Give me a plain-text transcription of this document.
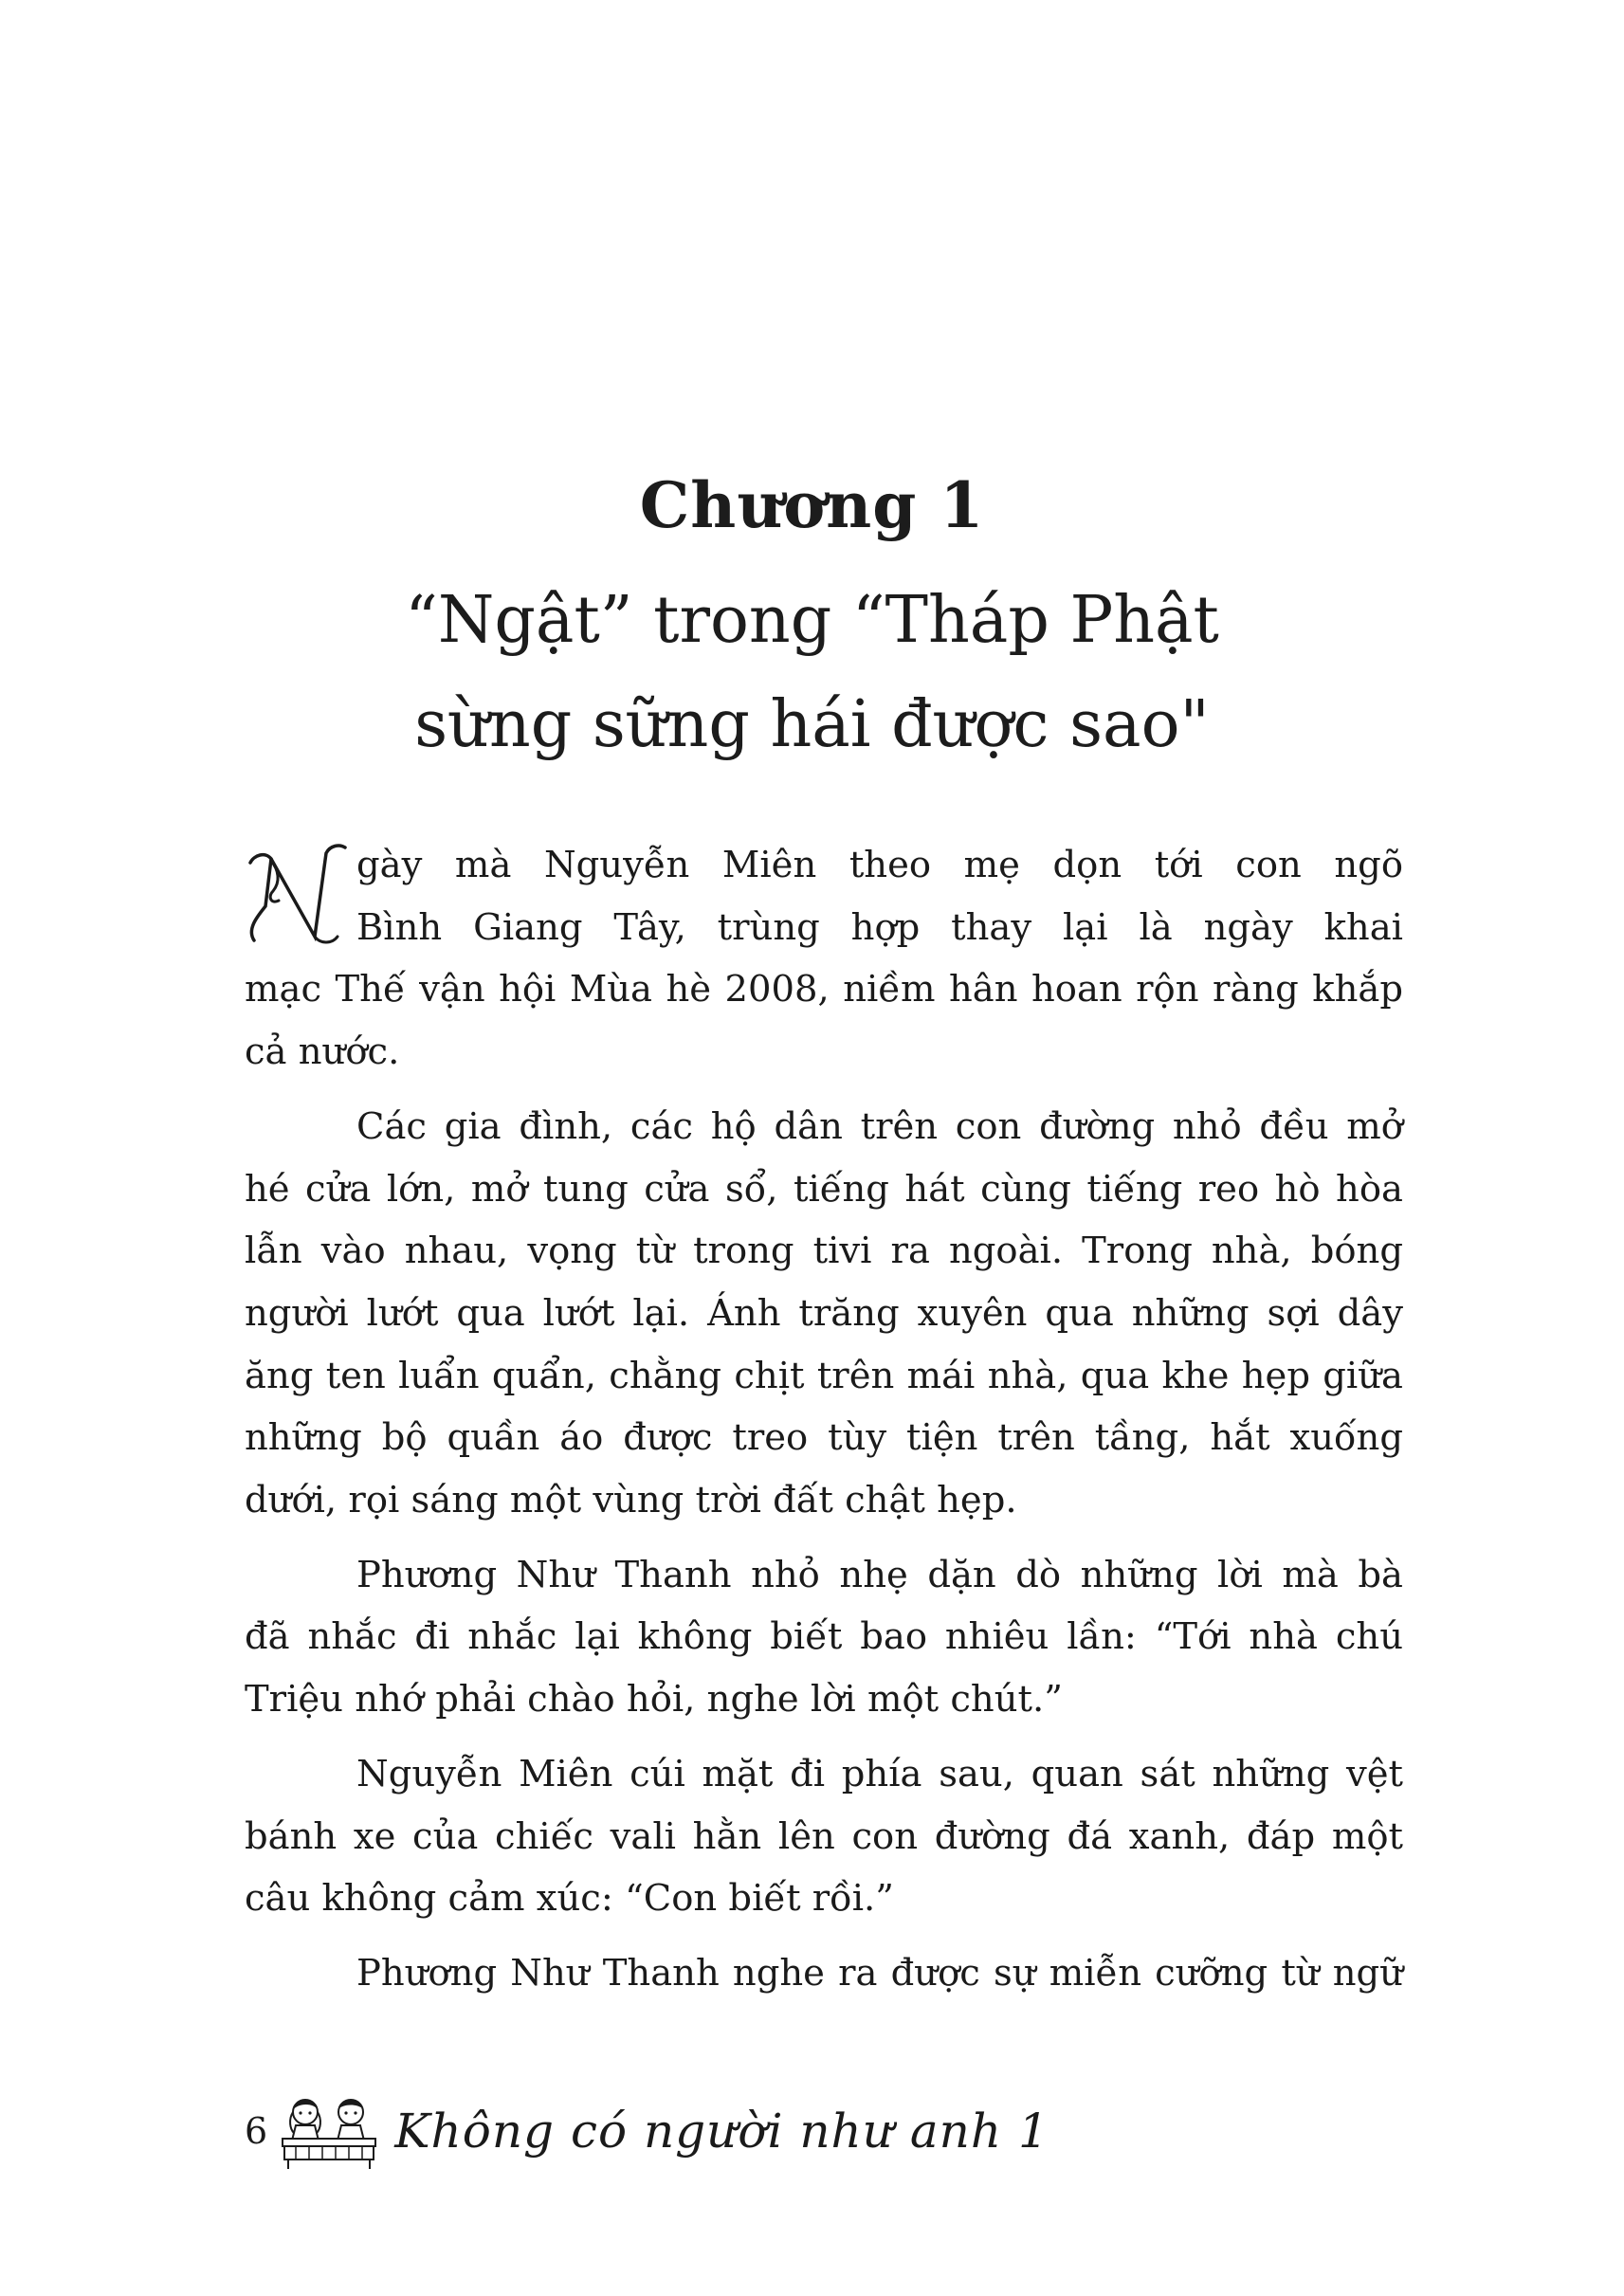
Chương 1
“Ngật” trong “Tháp Phật
sừng sững hái được sao"
gày mà Nguyễn Miên theo mẹ dọn tới con ngõ
Bình Giang Tây, trùng hợp thay lại là ngày khai
mạc Thế vận hội Mùa hè 2008, niềm hân hoan rộn ràng khắp
cả nước.
Các gia đình, các hộ dân trên con đường nhỏ đều mở
hé cửa lớn, mở tung cửa sổ, tiếng hát cùng tiếng reo hò hòa
lẫn vào nhau, vọng từ trong tivi ra ngoài. Trong nhà, bóng
người lướt qua lướt lại. Ánh trăng xuyên qua những sợi dây
ăng ten luẩn quẩn, chằng chịt trên mái nhà, qua khe hẹp giữa
những bộ quần áo được treo tùy tiện trên tầng, hắt xuống
dưới, rọi sáng một vùng trời đất chật hẹp.
Phương Như Thanh nhỏ nhẹ dặn dò những lời mà bà
đã nhắc đi nhắc lại không biết bao nhiêu lần: “Tới nhà chú
Triệu nhớ phải chào hỏi, nghe lời một chút.”
Nguyễn Miên cúi mặt đi phía sau, quan sát những vệt
bánh xe của chiếc vali hằn lên con đường đá xanh, đáp một
câu không cảm xúc: “Con biết rồi.”
Phương Như Thanh nghe ra được sự miễn cưỡng từ ngữ
6	Không có người như anh 1
